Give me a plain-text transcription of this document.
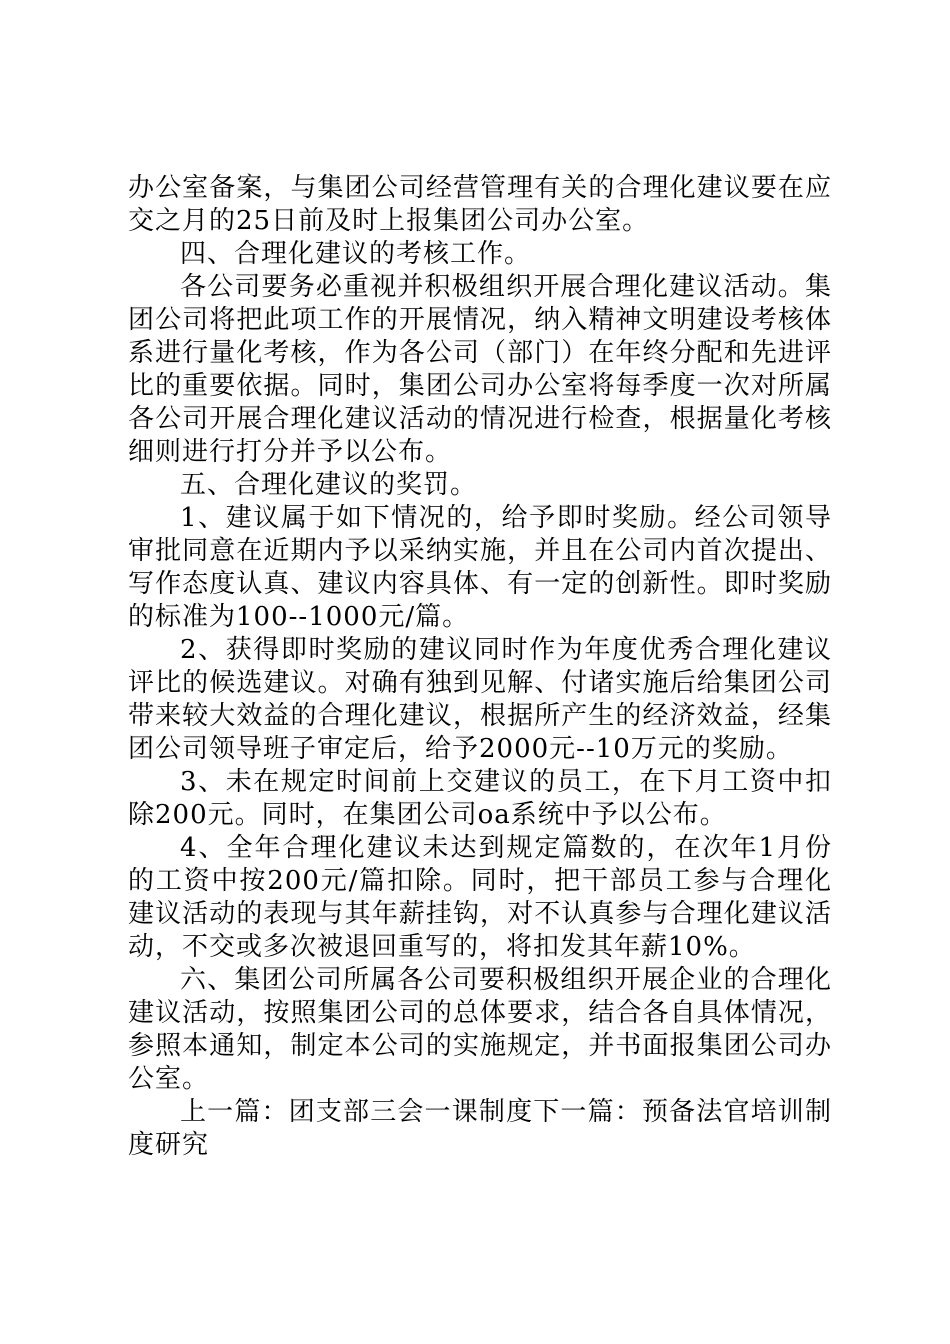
办公室备案，与集团公司经营管理有关的合理化建议要在应交之月的25日前及时上报集团公司办公室。

四、合理化建议的考核工作。

各公司要务必重视并积极组织开展合理化建议活动。集团公司将把此项工作的开展情况，纳入精神文明建设考核体系进行量化考核，作为各公司（部门）在年终分配和先进评比的重要依据。同时，集团公司办公室将每季度一次对所属各公司开展合理化建议活动的情况进行检查，根据量化考核细则进行打分并予以公布。

五、合理化建议的奖罚。

1、建议属于如下情况的，给予即时奖励。经公司领导审批同意在近期内予以采纳实施，并且在公司内首次提出、写作态度认真、建议内容具体、有一定的创新性。即时奖励的标准为100--1000元/篇。

2、获得即时奖励的建议同时作为年度优秀合理化建议评比的候选建议。对确有独到见解、付诸实施后给集团公司带来较大效益的合理化建议，根据所产生的经济效益，经集团公司领导班子审定后，给予2000元--10万元的奖励。

3、未在规定时间前上交建议的员工，在下月工资中扣除200元。同时，在集团公司oa系统中予以公布。

4、全年合理化建议未达到规定篇数的，在次年1月份的工资中按200元/篇扣除。同时，把干部员工参与合理化建议活动的表现与其年薪挂钩，对不认真参与合理化建议活动，不交或多次被退回重写的，将扣发其年薪10%。

六、集团公司所属各公司要积极组织开展企业的合理化建议活动，按照集团公司的总体要求，结合各自具体情况，参照本通知，制定本公司的实施规定，并书面报集团公司办公室。

上一篇：团支部三会一课制度下一篇：预备法官培训制度研究
